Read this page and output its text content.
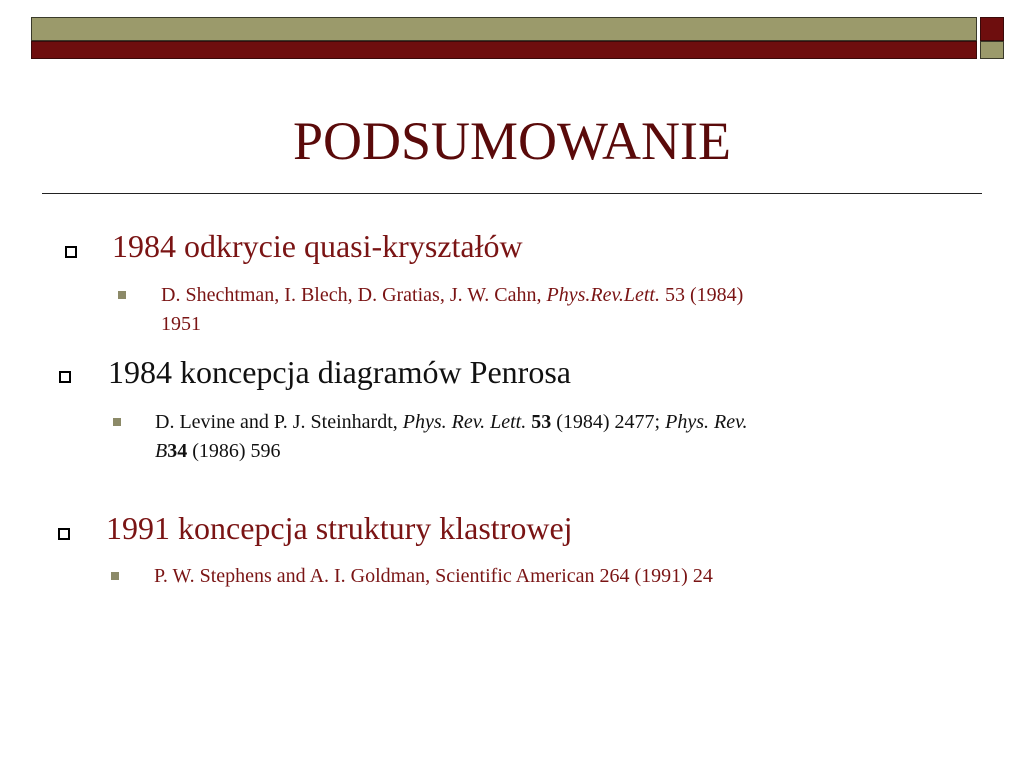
PODSUMOWANIE
1984 odkrycie quasi-kryształów
D. Shechtman, I. Blech, D. Gratias, J. W. Cahn, Phys.Rev.Lett. 53 (1984)
1951
1984 koncepcja diagramów Penrosa
D. Levine and P. J. Steinhardt, Phys. Rev. Lett. 53 (1984) 2477; Phys. Rev.
B34 (1986) 596
1991 koncepcja struktury klastrowej
P. W. Stephens and A. I. Goldman, Scientific American 264 (1991) 24
